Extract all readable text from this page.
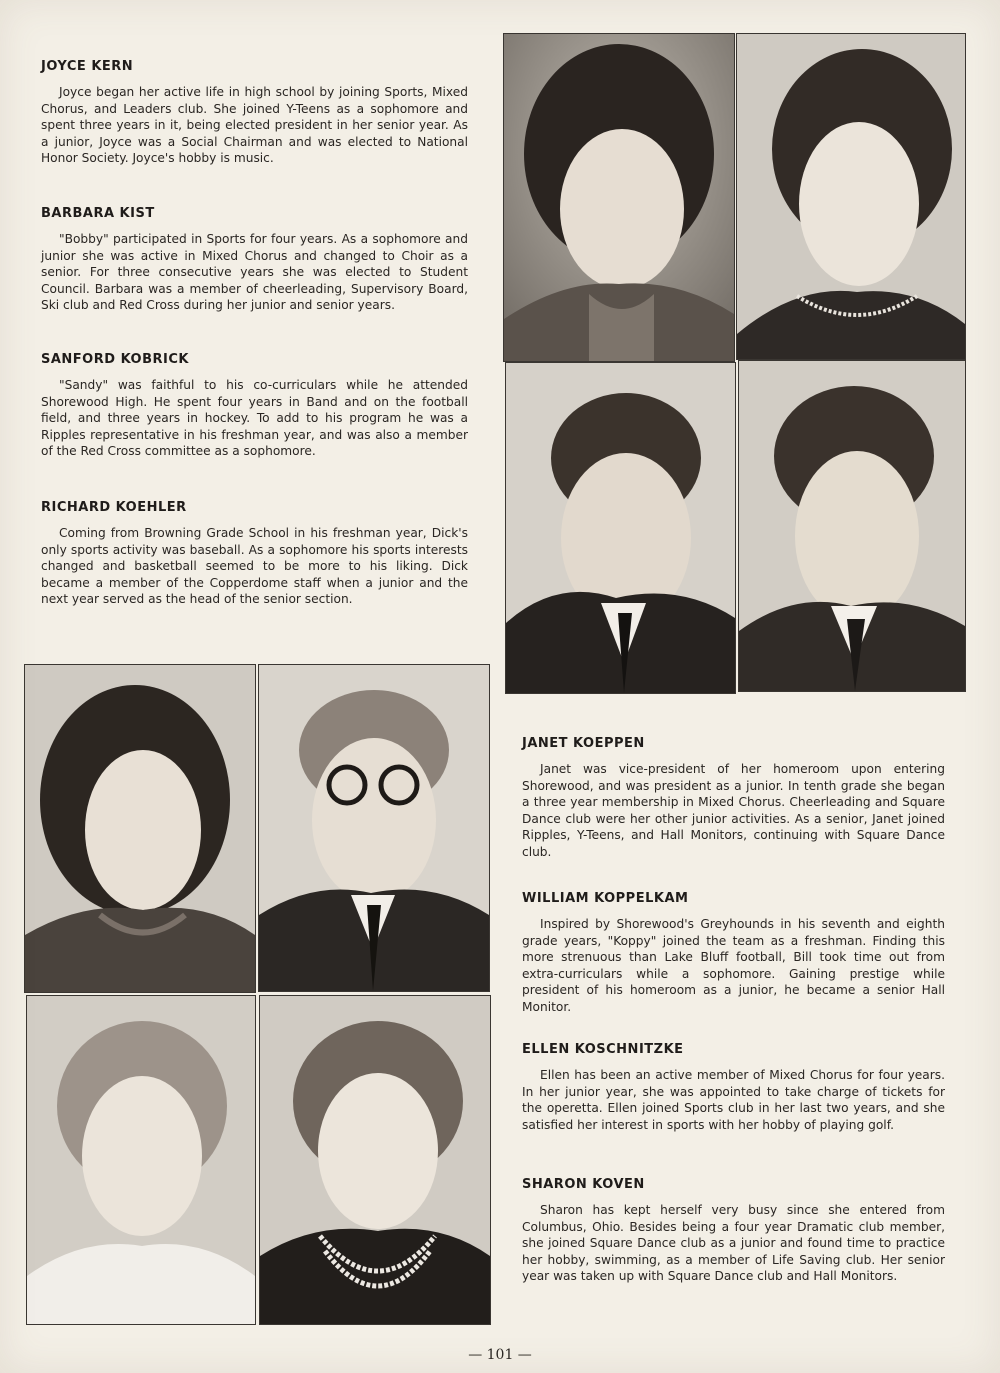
JOYCE KERN

Joyce began her active life in high school by joining Sports, Mixed Chorus, and Leaders club. She joined Y-Teens as a sophomore and spent three years in it, being elected president in her senior year. As a junior, Joyce was a Social Chairman and was elected to National Honor Society. Joyce's hobby is music.

BARBARA KIST

"Bobby" participated in Sports for four years. As a sophomore and junior she was active in Mixed Chorus and changed to Choir as a senior. For three consecutive years she was elected to Student Council. Barbara was a member of cheerleading, Supervisory Board, Ski club and Red Cross during her junior and senior years.

SANFORD KOBRICK

"Sandy" was faithful to his co-curriculars while he attended Shorewood High. He spent four years in Band and on the football field, and three years in hockey. To add to his program he was a Ripples representative in his freshman year, and was also a member of the Red Cross committee as a sophomore.

RICHARD KOEHLER

Coming from Browning Grade School in his freshman year, Dick's only sports activity was baseball. As a sophomore his sports interests changed and basketball seemed to be more to his liking. Dick became a member of the Copperdome staff when a junior and the next year served as the head of the senior section.

JANET KOEPPEN

Janet was vice-president of her homeroom upon entering Shorewood, and was president as a junior. In tenth grade she began a three year membership in Mixed Chorus. Cheerleading and Square Dance club were her other junior activities. As a senior, Janet joined Ripples, Y-Teens, and Hall Monitors, continuing with Square Dance club.

WILLIAM KOPPELKAM

Inspired by Shorewood's Greyhounds in his seventh and eighth grade years, "Koppy" joined the team as a freshman. Finding this more strenuous than Lake Bluff football, Bill took time out from extra-curriculars while a sophomore. Gaining prestige while president of his homeroom as a junior, he became a senior Hall Monitor.

ELLEN KOSCHNITZKE

Ellen has been an active member of Mixed Chorus for four years. In her junior year, she was appointed to take charge of tickets for the operetta. Ellen joined Sports club in her last two years, and she satisfied her interest in sports with her hobby of playing golf.

SHARON KOVEN

Sharon has kept herself very busy since she entered from Columbus, Ohio. Besides being a four year Dramatic club member, she joined Square Dance club as a junior and found time to practice her hobby, swimming, as a member of Life Saving club. Her senior year was taken up with Square Dance club and Hall Monitors.

— 101 —
